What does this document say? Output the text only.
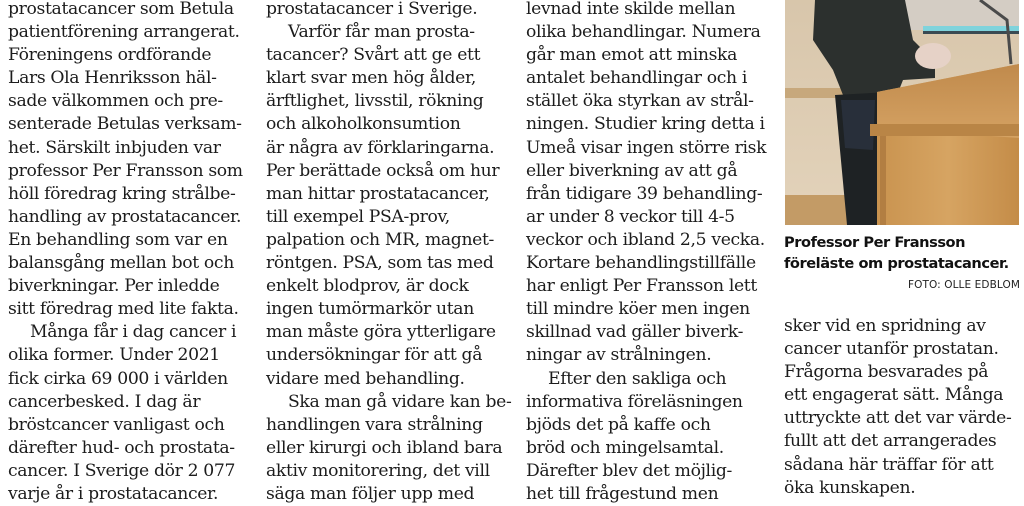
prostatacancer som Betula
patientförening arrangerat.
Föreningens ordförande
Lars Ola Henriksson häl-
sade välkommen och pre-
senterade Betulas verksam-
het. Särskilt inbjuden var
professor Per Fransson som
höll föredrag kring strålbe-
handling av prostatacancer.
En behandling som var en
balansgång mellan bot och
biverkningar. Per inledde
sitt föredrag med lite fakta.
Många får i dag cancer i
olika former. Under 2021
fick cirka 69 000 i världen
cancerbesked. I dag är
bröstcancer vanligast och
därefter hud- och prostata-
cancer. I Sverige dör 2 077
varje år i prostatacancer.
prostatacancer i Sverige.
Varför får man prosta-
tacancer? Svårt att ge ett
klart svar men hög ålder,
ärftlighet, livsstil, rökning
och alkoholkonsumtion
är några av förklaringarna.
Per berättade också om hur
man hittar prostatacancer,
till exempel PSA-prov,
palpation och MR, magnet-
röntgen. PSA, som tas med
enkelt blodprov, är dock
ingen tumörmarkör utan
man måste göra ytterligare
undersökningar för att gå
vidare med behandling.
Ska man gå vidare kan be-
handlingen vara strålning
eller kirurgi och ibland bara
aktiv monitorering, det vill
säga man följer upp med
levnad inte skilde mellan
olika behandlingar. Numera
går man emot att minska
antalet behandlingar och i
stället öka styrkan av strål-
ningen. Studier kring detta i
Umeå visar ingen större risk
eller biverkning av att gå
från tidigare 39 behandling-
ar under 8 veckor till 4-5
veckor och ibland 2,5 vecka.
Kortare behandlingstillfälle
har enligt Per Fransson lett
till mindre köer men ingen
skillnad vad gäller biverk-
ningar av strålningen.
Efter den sakliga och
informativa föreläsningen
bjöds det på kaffe och
bröd och mingelsamtal.
Därefter blev det möjlig-
het till frågestund men
sker vid en spridning av
cancer utanför prostatan.
Frågorna besvarades på
ett engagerat sätt. Många
uttryckte att det var värde-
fullt att det arrangerades
sådana här träffar för att
öka kunskapen.
Professor Per Fransson
föreläste om prostatacancer.
FOTO: OLLE EDBLOM
